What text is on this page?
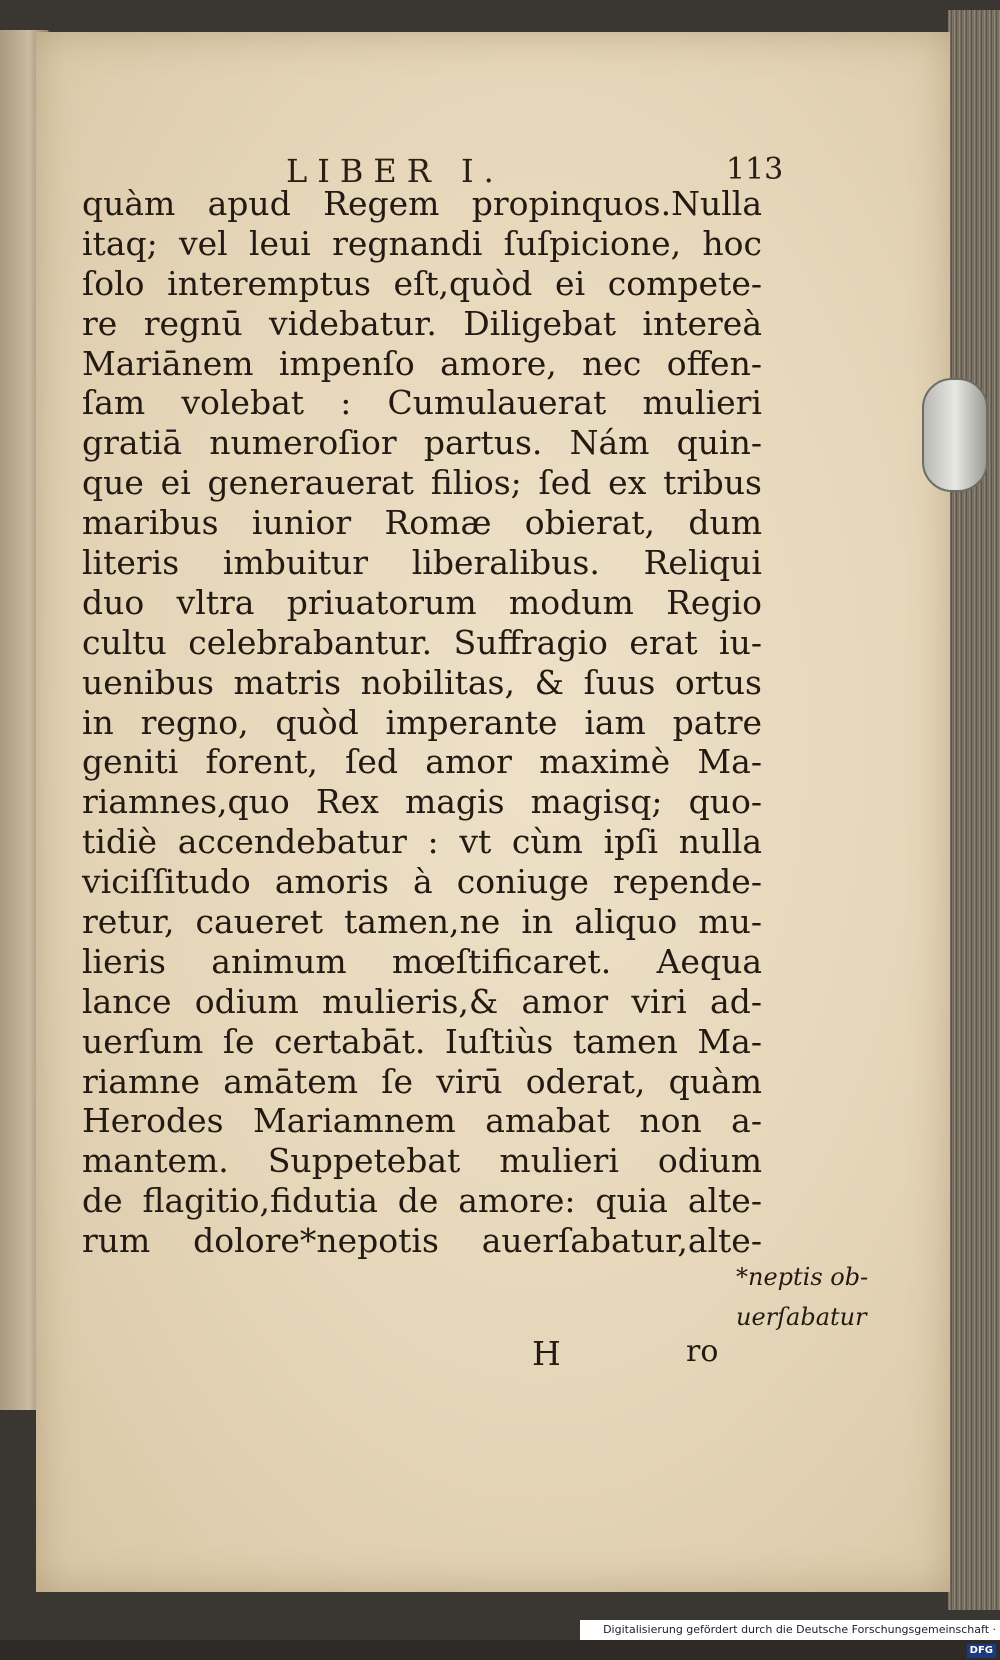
LIBER I.	113
quàm apud Regem propinquos.Nulla
itaq; vel leui regnandi ſuſpicione, hoc
ſolo interemptus eſt,quòd ei compete-
re regnū videbatur. Diligebat intereà
Mariānem impenſo amore, nec offen-
ſam volebat : Cumulauerat mulieri
gratiā numeroſior partus. Nám quin-
que ei generauerat filios; ſed ex tribus
maribus iunior Romæ obierat, dum
literis imbuitur liberalibus. Reliqui
duo vltra priuatorum modum Regio
cultu celebrabantur. Suffragio erat iu-
uenibus matris nobilitas, & ſuus ortus
in regno, quòd imperante iam patre
geniti forent, ſed amor maximè Ma-
riamnes,quo Rex magis magisq; quo-
tidiè accendebatur : vt cùm ipſi nulla
viciſſitudo amoris à coniuge repende-
retur, caueret tamen,ne in aliquo mu-
lieris animum mœſtificaret. Aequa
lance odium mulieris,& amor viri ad-
uerſum ſe certabāt. Iuſtiùs tamen Ma-
riamne amātem ſe virū oderat, quàm
Herodes Mariamnem amabat non a-
mantem. Suppetebat mulieri odium
de flagitio,fidutia de amore: quia alte-
rum dolore*nepotis auerſabatur,alte-
*neptis ob-
uerſabatur
H	ro
Digitalisierung gefördert durch die Deutsche Forschungsgemeinschaft · DFG
